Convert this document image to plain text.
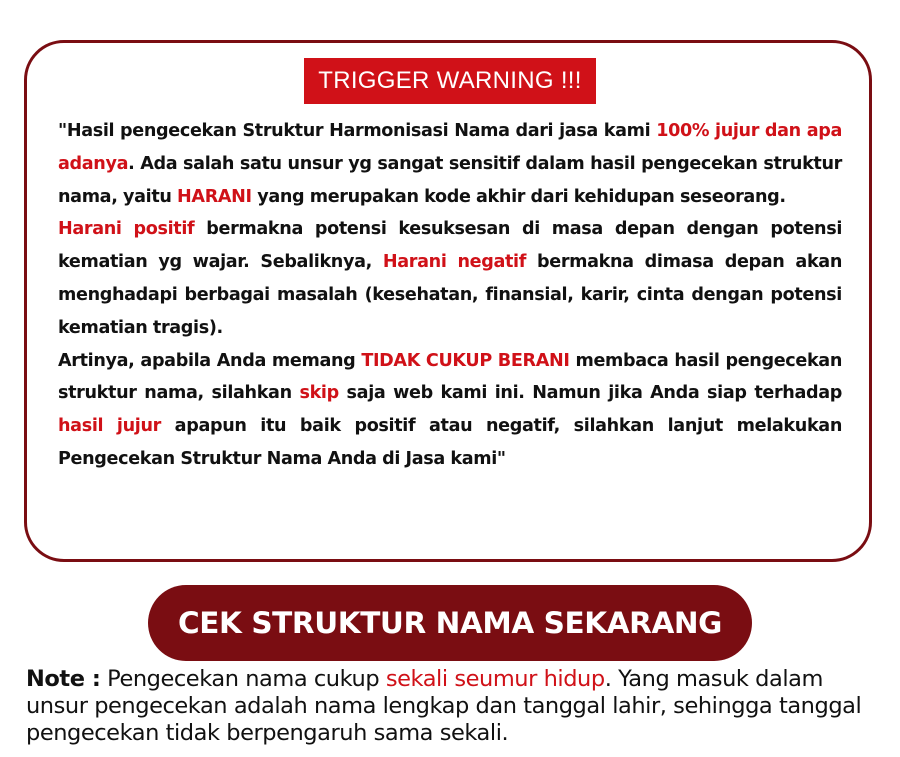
TRIGGER WARNING !!!

"Hasil pengecekan Struktur Harmonisasi Nama dari jasa kami 100% jujur dan apa adanya. Ada salah satu unsur yg sangat sensitif dalam hasil pengecekan struktur nama, yaitu HARANI yang merupakan kode akhir dari kehidupan seseorang.

Harani positif bermakna potensi kesuksesan di masa depan dengan potensi kematian yg wajar. Sebaliknya, Harani negatif bermakna dimasa depan akan menghadapi berbagai masalah (kesehatan, finansial, karir, cinta dengan potensi kematian tragis).

Artinya, apabila Anda memang TIDAK CUKUP BERANI membaca hasil pengecekan struktur nama, silahkan skip saja web kami ini. Namun jika Anda siap terhadap hasil jujur apapun itu baik positif atau negatif, silahkan lanjut melakukan Pengecekan Struktur Nama Anda di Jasa kami"

CEK STRUKTUR NAMA SEKARANG

Note : Pengecekan nama cukup sekali seumur hidup. Yang masuk dalam unsur pengecekan adalah nama lengkap dan tanggal lahir, sehingga tanggal pengecekan tidak berpengaruh sama sekali.
